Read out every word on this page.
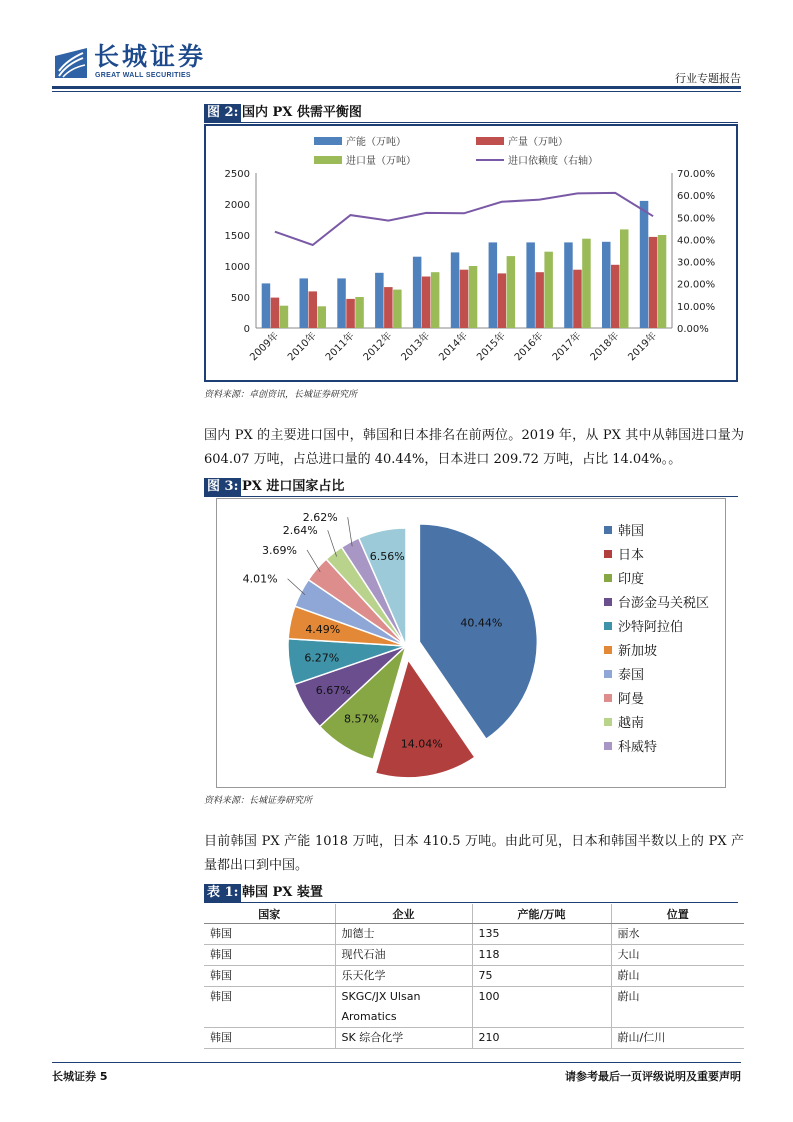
长城证券
GREAT WALL SECURITIES	行业专题报告
图 2: 国内 PX 供需平衡图
产能（万吨）	产量（万吨）
进口量（万吨）	进口依赖度（右轴）
0
500
1000
1500
2000
2500
0.00%
10.00%
20.00%
30.00%
40.00%
50.00%
60.00%
70.00%
2009年 2010年 2011年 2012年 2013年 2014年 2015年 2016年 2017年 2018年 2019年
资料来源：卓创资讯，长城证券研究所
国内 PX 的主要进口国中，韩国和日本排名在前两位。2019 年，从 PX 其中从韩国进口量为 604.07 万吨，占总进口量的 40.44%，日本进口 209.72 万吨，占比 14.04%。。
图 3: PX 进口国家占比
40.44%
14.04%
8.57%
6.67%
6.27%
4.49%
4.01%
3.69%
2.64%
2.62%
6.56%
韩国
日本
印度
台澎金马关税区
沙特阿拉伯
新加坡
泰国
阿曼
越南
科威特
资料来源：长城证券研究所
目前韩国 PX 产能 1018 万吨，日本 410.5 万吨。由此可见，日本和韩国半数以上的 PX 产量都出口到中国。
表 1: 韩国 PX 装置
国家	企业	产能/万吨	位置
韩国	加德士	135	丽水
韩国	现代石油	118	大山
韩国	乐天化学	75	蔚山
韩国	SKGC/JX Ulsan Aromatics	100	蔚山
韩国	SK 综合化学	210	蔚山/仁川
长城证券 5	请参考最后一页评级说明及重要声明
